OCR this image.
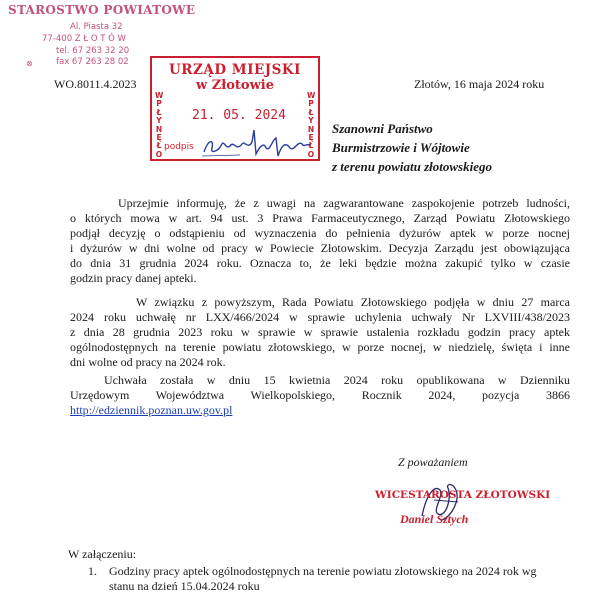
STAROSTWO POWIATOWE
Al. Piasta 32
77-400 Z Ł O T Ó W
tel. 67 263 32 20
fax 67 263 28 02
⊗
WO.8011.4.2023	Złotów, 16 maja 2024 roku
URZĄD MIEJSKI
w Złotowie
WPŁYNĘŁO
WPŁYNĘŁO
21. 05. 2024
podpis
Szanowni Państwo
Burmistrzowie i Wójtowie
z terenu powiatu złotowskiego
Uprzejmie informuję, że z uwagi na zagwarantowane zaspokojenie potrzeb ludności,
o których mowa w art. 94 ust. 3 Prawa Farmaceutycznego, Zarząd Powiatu Złotowskiego
podjął decyzję o odstąpieniu od wyznaczenia do pełnienia dyżurów aptek w porze nocnej
i dyżurów w dni wolne od pracy w Powiecie Złotowskim. Decyzja Zarządu jest obowiązująca
do dnia 31 grudnia 2024 roku. Oznacza to, że leki będzie można zakupić tylko w czasie
godzin pracy danej apteki.
W związku z powyższym, Rada Powiatu Złotowskiego podjęła w dniu 27 marca
2024 roku uchwałę nr LXX/466/2024 w sprawie uchylenia uchwały Nr LXVIII/438/2023
z dnia 28 grudnia 2023 roku w sprawie w sprawie ustalenia rozkładu godzin pracy aptek
ogólnodostępnych na terenie powiatu złotowskiego, w porze nocnej, w niedzielę, święta i inne
dni wolne od pracy na 2024 rok.
Uchwała została w dniu 15 kwietnia 2024 roku opublikowana w Dzienniku
Urzędowym Województwa Wielkopolskiego, Rocznik 2024, pozycja 3866
http://edziennik.poznan.uw.gov.pl
Z poważaniem
WICESTAROSTA ZŁOTOWSKI
Daniel Sztych
W załączeniu:
1. Godziny pracy aptek ogólnodostępnych na terenie powiatu złotowskiego na 2024 rok wg stanu na dzień 15.04.2024 roku
